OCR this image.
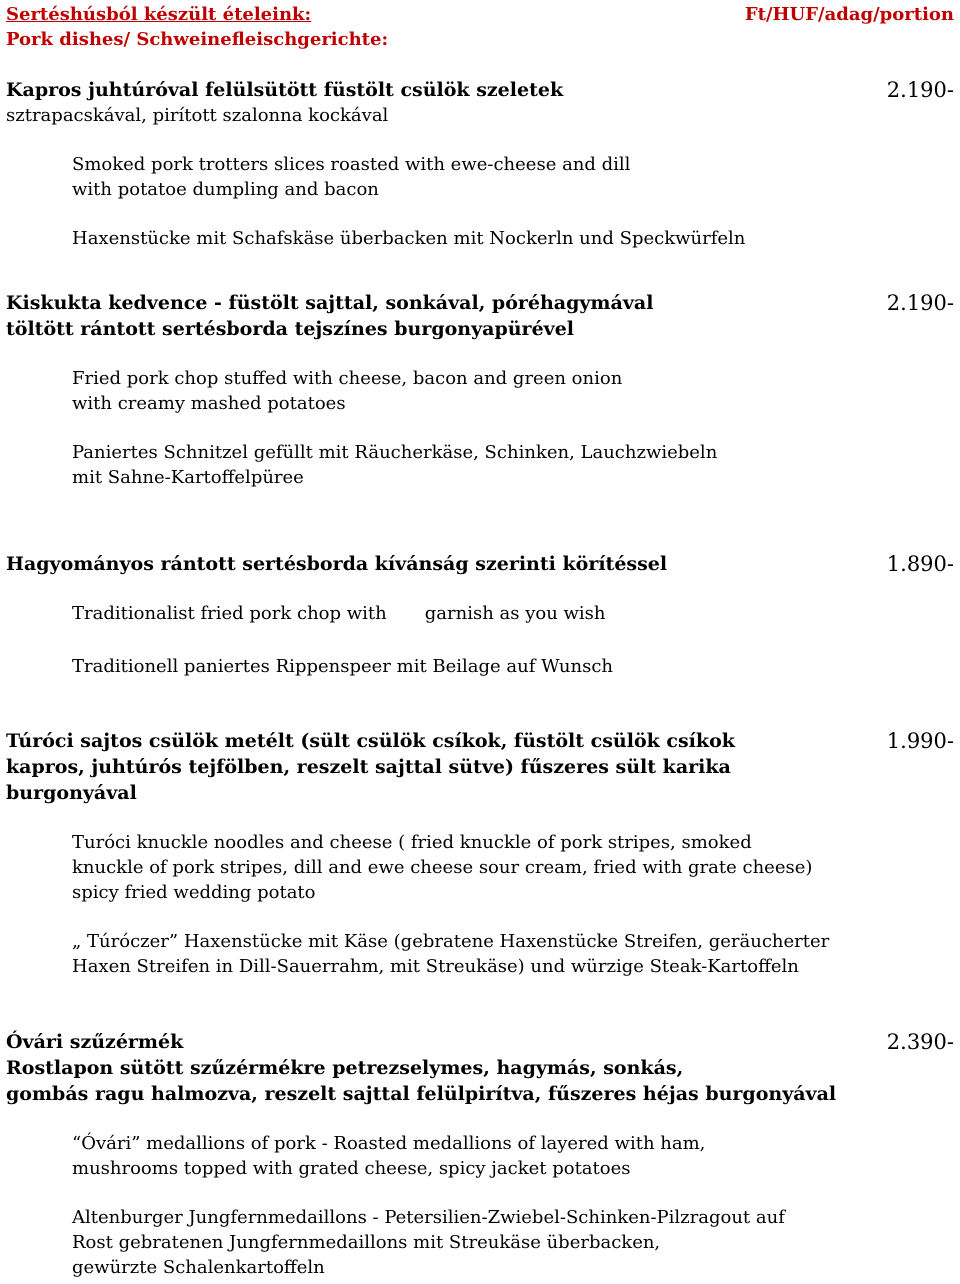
Sertéshúsból készült ételeink:
Pork dishes/ Schweinefleischgerichte:
Ft/HUF/adag/portion
2.190-
Kapros juhtúróval felülsütött füstölt csülök szeletek
sztrapacskával, pirított szalonna kockával
Smoked pork trotters slices roasted with ewe-cheese and dill
with potatoe dumpling and bacon
Haxenstücke mit Schafskäse überbacken mit Nockerln und Speckwürfeln
2.190-
Kiskukta kedvence - füstölt sajttal, sonkával, póréhagymával
töltött rántott sertésborda tejszínes burgonyapürével
Fried pork chop stuffed with cheese, bacon and green onion
with creamy mashed potatoes
Paniertes Schnitzel gefüllt mit Räucherkäse, Schinken, Lauchzwiebeln
mit Sahne-Kartoffelpüree
1.890-
Hagyományos rántott sertésborda kívánság szerinti körítéssel
Traditionalist fried pork chop with garnish as you wish
Traditionell paniertes Rippenspeer mit Beilage auf Wunsch
1.990-
Túróci sajtos csülök metélt (sült csülök csíkok, füstölt csülök csíkok
kapros, juhtúrós tejfölben, reszelt sajttal sütve) fűszeres sült karika
burgonyával
Turóci knuckle noodles and cheese ( fried knuckle of pork stripes, smoked
knuckle of pork stripes, dill and ewe cheese sour cream, fried with grate cheese)
spicy fried wedding potato
„ Túróczer” Haxenstücke mit Käse (gebratene Haxenstücke Streifen, geräucherter
Haxen Streifen in Dill-Sauerrahm, mit Streukäse) und würzige Steak-Kartoffeln
2.390-
Óvári szűzérmék
Rostlapon sütött szűzérmékre petrezselymes, hagymás, sonkás,
gombás ragu halmozva, reszelt sajttal felülpirítva, fűszeres héjas burgonyával
“Óvári” medallions of pork - Roasted medallions of layered with ham,
mushrooms topped with grated cheese, spicy jacket potatoes
Altenburger Jungfernmedaillons - Petersilien-Zwiebel-Schinken-Pilzragout auf
Rost gebratenen Jungfernmedaillons mit Streukäse überbacken,
gewürzte Schalenkartoffeln
